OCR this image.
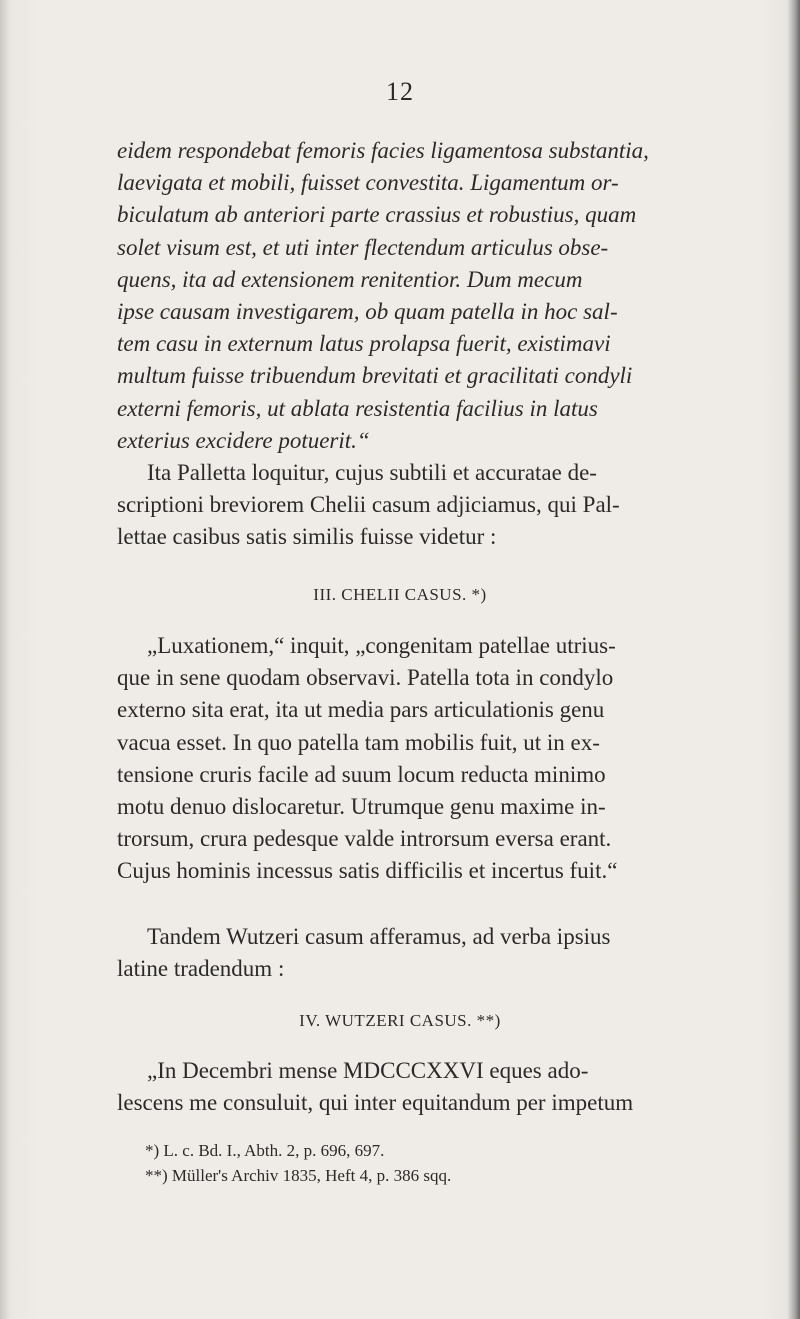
12
eidem respondebat femoris facies ligamentosa substantia,
laevigata et mobili, fuisset convestita. Ligamentum or-
biculatum ab anteriori parte crassius et robustius, quam
solet visum est, et uti inter flectendum articulus obse-
quens, ita ad extensionem renitentior. Dum mecum
ipse causam investigarem, ob quam patella in hoc sal-
tem casu in externum latus prolapsa fuerit, existimavi
multum fuisse tribuendum brevitati et gracilitati condyli
externi femoris, ut ablata resistentia facilius in latus
exterius excidere potuerit.“
Ita Palletta loquitur, cujus subtili et accuratae de-
scriptioni breviorem Chelii casum adjiciamus, qui Pal-
lettae casibus satis similis fuisse videtur :
III. CHELII CASUS. *)
„Luxationem,“ inquit, „congenitam patellae utrius-
que in sene quodam observavi. Patella tota in condylo
externo sita erat, ita ut media pars articulationis genu
vacua esset. In quo patella tam mobilis fuit, ut in ex-
tensione cruris facile ad suum locum reducta minimo
motu denuo dislocaretur. Utrumque genu maxime in-
trorsum, crura pedesque valde introrsum eversa erant.
Cujus hominis incessus satis difficilis et incertus fuit.“
Tandem Wutzeri casum afferamus, ad verba ipsius
latine tradendum :
IV. WUTZERI CASUS. **)
„In Decembri mense MDCCCXXVI eques ado-
lescens me consuluit, qui inter equitandum per impetum
*) L. c. Bd. I., Abth. 2, p. 696, 697.
**) Müller's Archiv 1835, Heft 4, p. 386 sqq.
